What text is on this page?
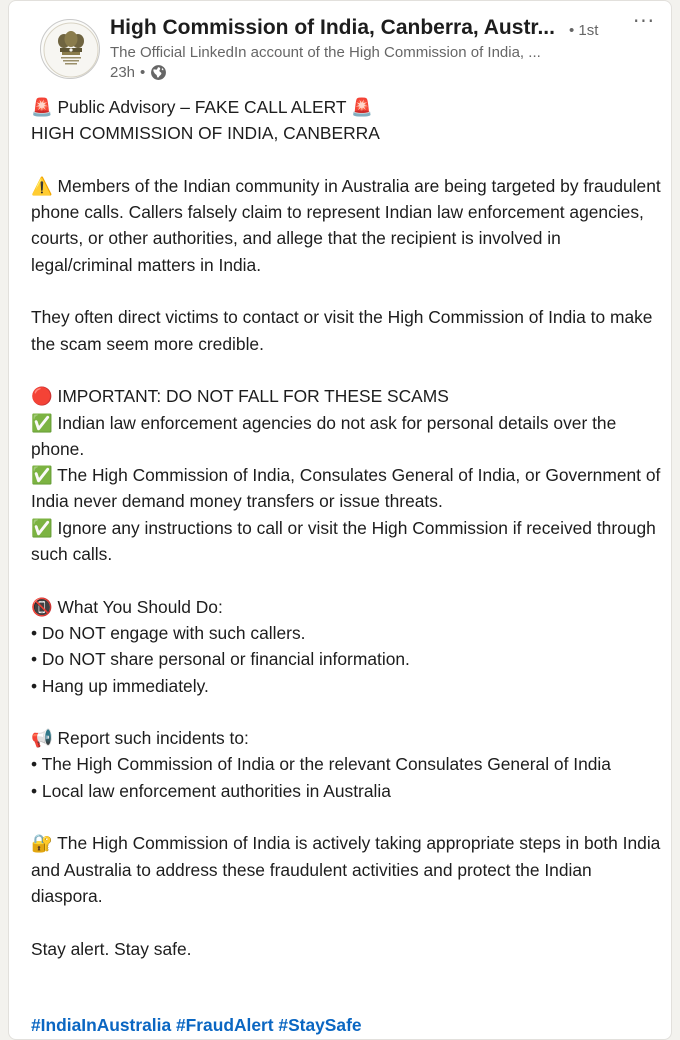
High Commission of India, Canberra, Austr... • 1st ···
The Official LinkedIn account of the High Commission of India, ...
23h •

🚨 Public Advisory – FAKE CALL ALERT 🚨
HIGH COMMISSION OF INDIA, CANBERRA

⚠️ Members of the Indian community in Australia are being targeted by fraudulent phone calls. Callers falsely claim to represent Indian law enforcement agencies, courts, or other authorities, and allege that the recipient is involved in legal/criminal matters in India.

They often direct victims to contact or visit the High Commission of India to make the scam seem more credible.

🔴 IMPORTANT: DO NOT FALL FOR THESE SCAMS
✅ Indian law enforcement agencies do not ask for personal details over the phone.
✅ The High Commission of India, Consulates General of India, or Government of India never demand money transfers or issue threats.
✅ Ignore any instructions to call or visit the High Commission if received through such calls.

📵 What You Should Do:
• Do NOT engage with such callers.
• Do NOT share personal or financial information.
• Hang up immediately.

📢 Report such incidents to:
• The High Commission of India or the relevant Consulates General of India
• Local law enforcement authorities in Australia

🔐 The High Commission of India is actively taking appropriate steps in both India and Australia to address these fraudulent activities and protect the Indian diaspora.

Stay alert. Stay safe.

#IndiaInAustralia #FraudAlert #StaySafe
